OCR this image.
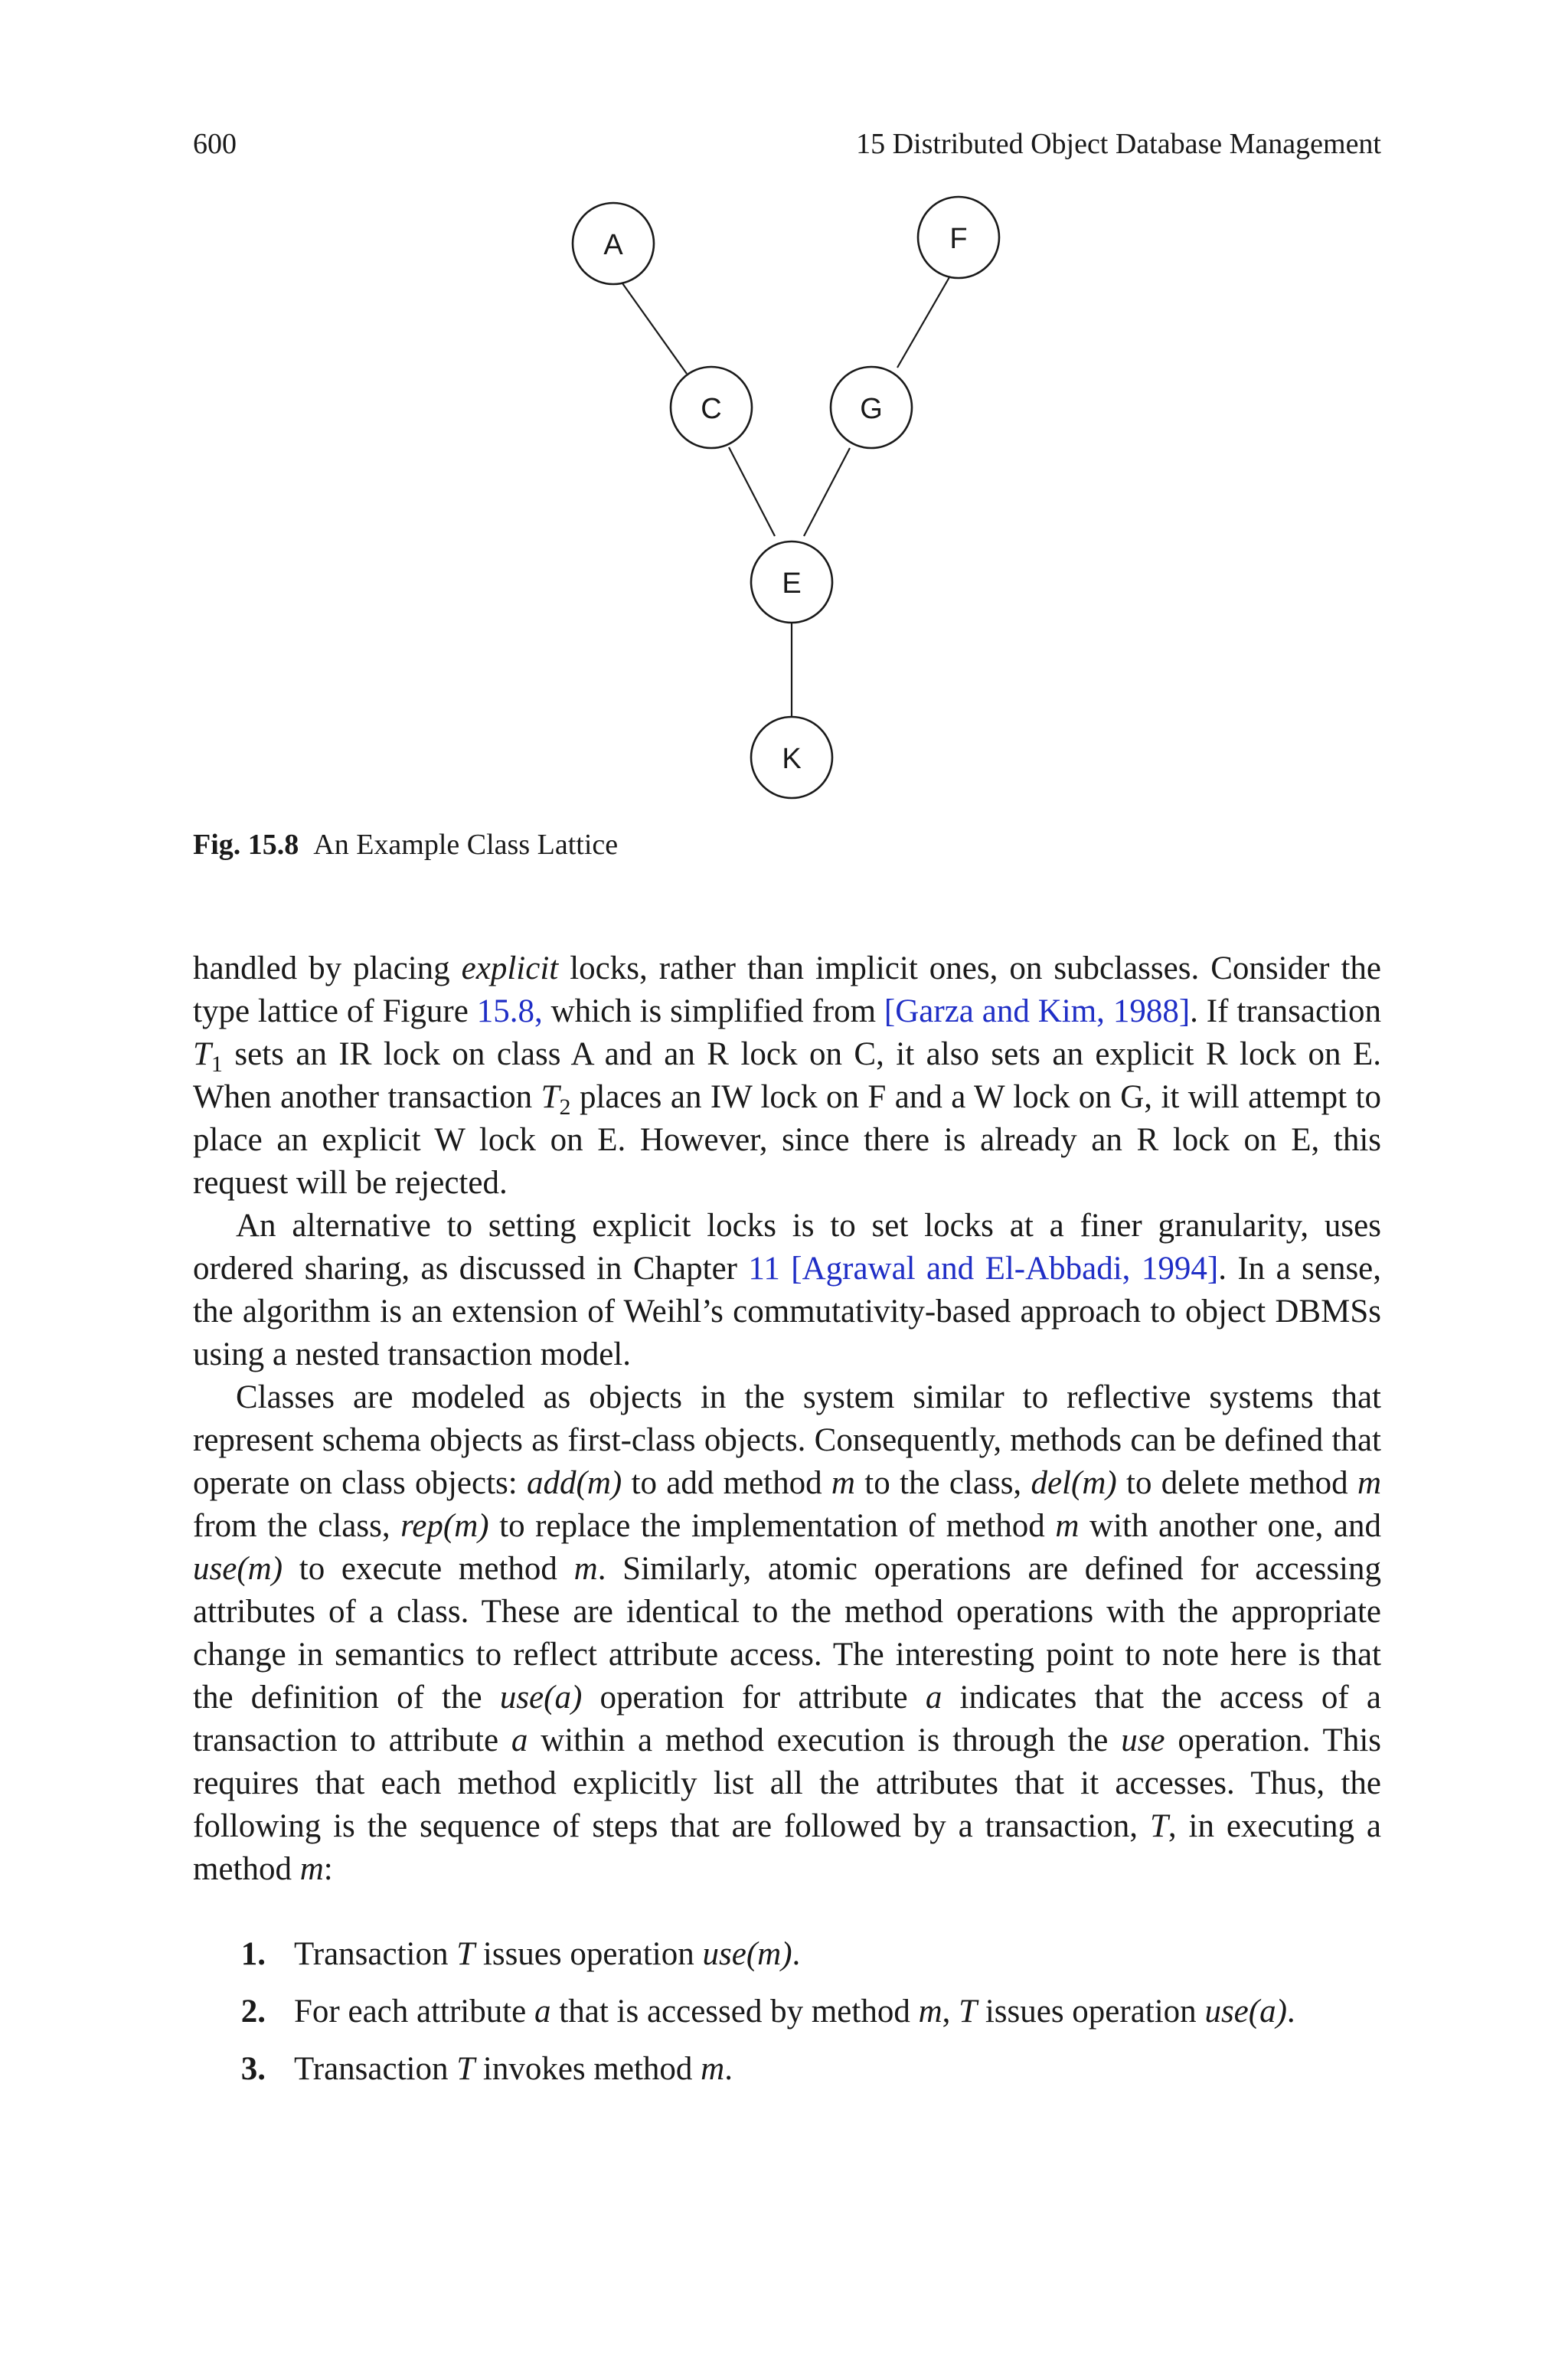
600	15 Distributed Object Database Management
A	F
C	G
E
K
Fig. 15.8 An Example Class Lattice

handled by placing explicit locks, rather than implicit ones, on subclasses. Consider the type lattice of Figure 15.8, which is simplified from [Garza and Kim, 1988]. If transaction $T_1$ sets an IR lock on class A and an R lock on C, it also sets an explicit R lock on E. When another transaction $T_2$ places an IW lock on F and a W lock on G, it will attempt to place an explicit W lock on E. However, since there is already an R lock on E, this request will be rejected.

An alternative to setting explicit locks is to set locks at a finer granularity, uses ordered sharing, as discussed in Chapter 11 [Agrawal and El-Abbadi, 1994]. In a sense, the algorithm is an extension of Weihl’s commutativity-based approach to object DBMSs using a nested transaction model.

Classes are modeled as objects in the system similar to reflective systems that represent schema objects as first-class objects. Consequently, methods can be defined that operate on class objects: add(m) to add method m to the class, del(m) to delete method m from the class, rep(m) to replace the implementation of method m with another one, and use(m) to execute method m. Similarly, atomic operations are defined for accessing attributes of a class. These are identical to the method operations with the appropriate change in semantics to reflect attribute access. The interesting point to note here is that the definition of the use(a) operation for attribute a indicates that the access of a transaction to attribute a within a method execution is through the use operation. This requires that each method explicitly list all the attributes that it accesses. Thus, the following is the sequence of steps that are followed by a transaction, T, in executing a method m:

1. Transaction T issues operation use(m).
2. For each attribute a that is accessed by method m, T issues operation use(a).
3. Transaction T invokes method m.
